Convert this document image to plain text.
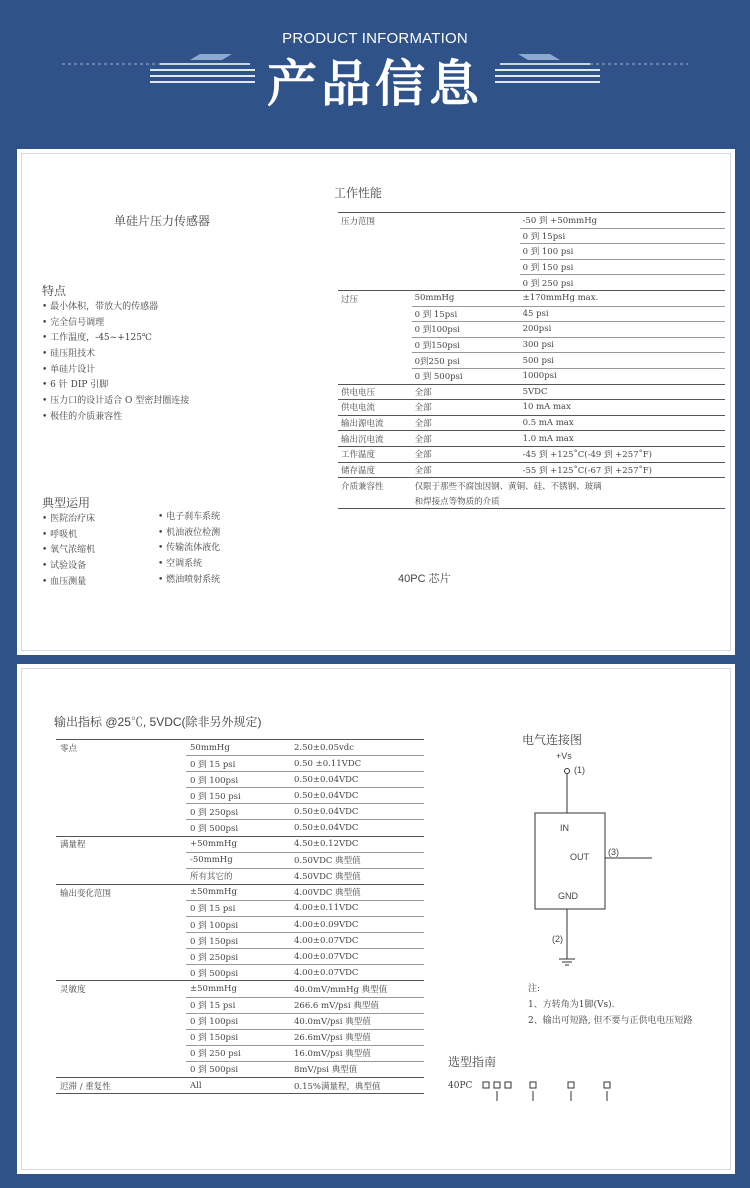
PRODUCT INFORMATION
产品信息
单硅片压力传感器
特点
• 最小体积，带放大的传感器
• 完全信号调理
• 工作温度，-45~+125℃
• 硅压阻技术
• 单硅片设计
• 6 针 DIP 引脚
• 压力口的设计适合 O 型密封圈连接
• 极佳的介质兼容性
典型运用
• 医院治疗床
• 呼吸机
• 氧气浓缩机
• 试验设备
• 血压测量
• 电子刹车系统
• 机油液位检测
• 传输流体液化
• 空调系统
• 燃油喷射系统
工作性能
压力范围		-50 到 +50mmHg
		0 到 15psi
		0 到 100 psi
		0 到 150 psi
		0 到 250 psi
过压	50mmHg	±170mmHg max.
	0 到 15psi	45 psi
	0 到100psi	200psi
	0 到150psi	300 psi
	0到250 psi	500 psi
	0 到 500psi	1000psi
供电电压	全部	5VDC
供电电流	全部	10 mA max
输出源电流	全部	0.5 mA max
输出沉电流	全部	1.0 mA max
工作温度	全部	-45 到 +125˚C(-49 到 +257˚F)
储存温度	全部	-55 到 +125˚C(-67 到 +257˚F)
介质兼容性	仅限于那些不腐蚀因钢、黄铜、硅、不锈钢、玻璃	
	和焊接点等物质的介质	
40PC 芯片
输出指标 @25℃, 5VDC(除非另外规定)
零点	50mmHg	2.50±0.05vdc
	0 到 15 psi	0.50 ±0.11VDC
	0 到 100psi	0.50±0.04VDC
	0 到 150 psi	0.50±0.04VDC
	0 到 250psi	0.50±0.04VDC
	0 到 500psi	0.50±0.04VDC
满量程	+50mmHg	4.50±0.12VDC
	-50mmHg	0.50VDC 典型值
	所有其它的	4.50VDC 典型值
输出变化范围	±50mmHg	4.00VDC 典型值
	0 到 15 psi	4.00±0.11VDC
	0 到 100psi	4.00±0.09VDC
	0 到 150psi	4.00±0.07VDC
	0 到 250psi	4.00±0.07VDC
	0 到 500psi	4.00±0.07VDC
灵敏度	±50mmHg	40.0mV/mmHg 典型值
	0 到 15 psi	266.6 mV/psi 典型值
	0 到 100psi	40.0mV/psi 典型值
	0 到 150psi	26.6mV/psi 典型值
	0 到 250 psi	16.0mV/psi 典型值
	0 到 500psi	8mV/psi 典型值
迟滞 / 重复性	All	0.15%满量程，典型值
电气连接图
+Vs
(1)
IN
OUT (3)
GND
(2)
注:
1、方转角为1脚(Vs).
2、输出可短路, 但不要与正供电电压短路
选型指南
40PC
